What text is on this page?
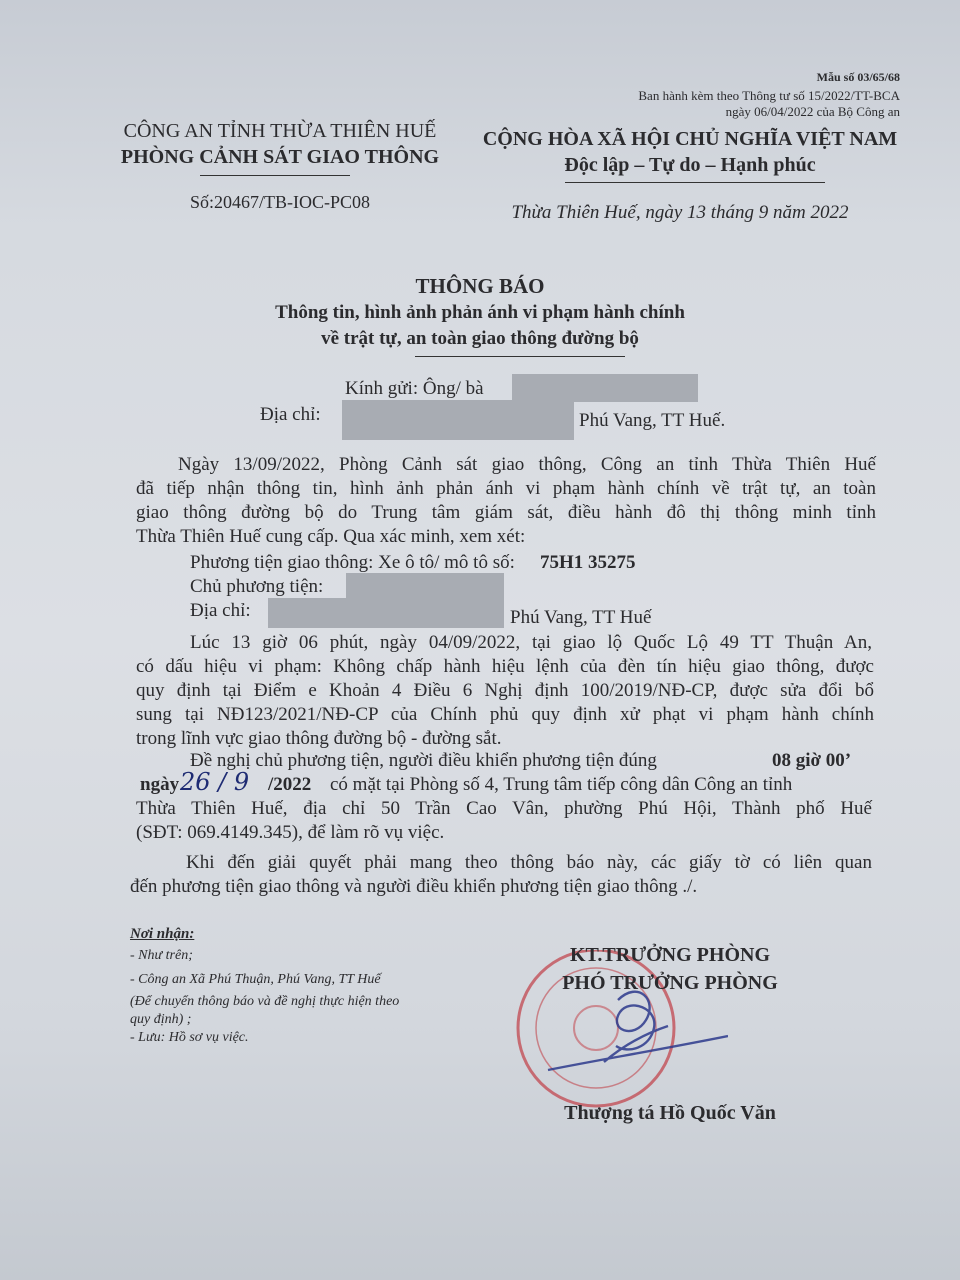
Mẫu số 03/65/68
Ban hành kèm theo Thông tư số 15/2022/TT-BCA
ngày 06/04/2022 của Bộ Công an
CÔNG AN TỈNH THỪA THIÊN HUẾ
PHÒNG CẢNH SÁT GIAO THÔNG
Số:20467/TB-IOC-PC08
CỘNG HÒA XÃ HỘI CHỦ NGHĨA VIỆT NAM
Độc lập – Tự do – Hạnh phúc
Thừa Thiên Huế, ngày 13 tháng 9 năm 2022
THÔNG BÁO
Thông tin, hình ảnh phản ánh vi phạm hành chính
về trật tự, an toàn giao thông đường bộ
Kính gửi: Ông/ bà
Địa chỉ:	Phú Vang, TT Huế.
Ngày 13/09/2022, Phòng Cảnh sát giao thông, Công an tỉnh Thừa Thiên Huế
đã tiếp nhận thông tin, hình ảnh phản ánh vi phạm hành chính về trật tự, an toàn
giao thông đường bộ do Trung tâm giám sát, điều hành đô thị thông minh tỉnh
Thừa Thiên Huế cung cấp. Qua xác minh, xem xét:
Phương tiện giao thông: Xe ô tô/ mô tô số: 75H1 35275
Chủ phương tiện:
Địa chỉ:	Phú Vang, TT Huế
Lúc 13 giờ 06 phút, ngày 04/09/2022, tại giao lộ Quốc Lộ 49 TT Thuận An,
có dấu hiệu vi phạm: Không chấp hành hiệu lệnh của đèn tín hiệu giao thông, được
quy định tại Điểm e Khoản 4 Điều 6 Nghị định 100/2019/NĐ-CP, được sửa đổi bổ
sung tại NĐ123/2021/NĐ-CP của Chính phủ quy định xử phạt vi phạm hành chính
trong lĩnh vực giao thông đường bộ - đường sắt.
Đề nghị chủ phương tiện, người điều khiển phương tiện đúng	08 giờ 00’
ngày 26 / 9 /2022 có mặt tại Phòng số 4, Trung tâm tiếp công dân Công an tỉnh
Thừa Thiên Huế, địa chỉ 50 Trần Cao Vân, phường Phú Hội, Thành phố Huế
(SĐT: 069.4149.345), để làm rõ vụ việc.
Khi đến giải quyết phải mang theo thông báo này, các giấy tờ có liên quan
đến phương tiện giao thông và người điều khiển phương tiện giao thông ./.
Nơi nhận:
- Như trên;
- Công an Xã Phú Thuận, Phú Vang, TT Huế
(Để chuyển thông báo và đề nghị thực hiện theo
quy định) ;
- Lưu: Hồ sơ vụ việc.
KT.TRƯỞNG PHÒNG
PHÓ TRƯỞNG PHÒNG
Thượng tá Hồ Quốc Văn
